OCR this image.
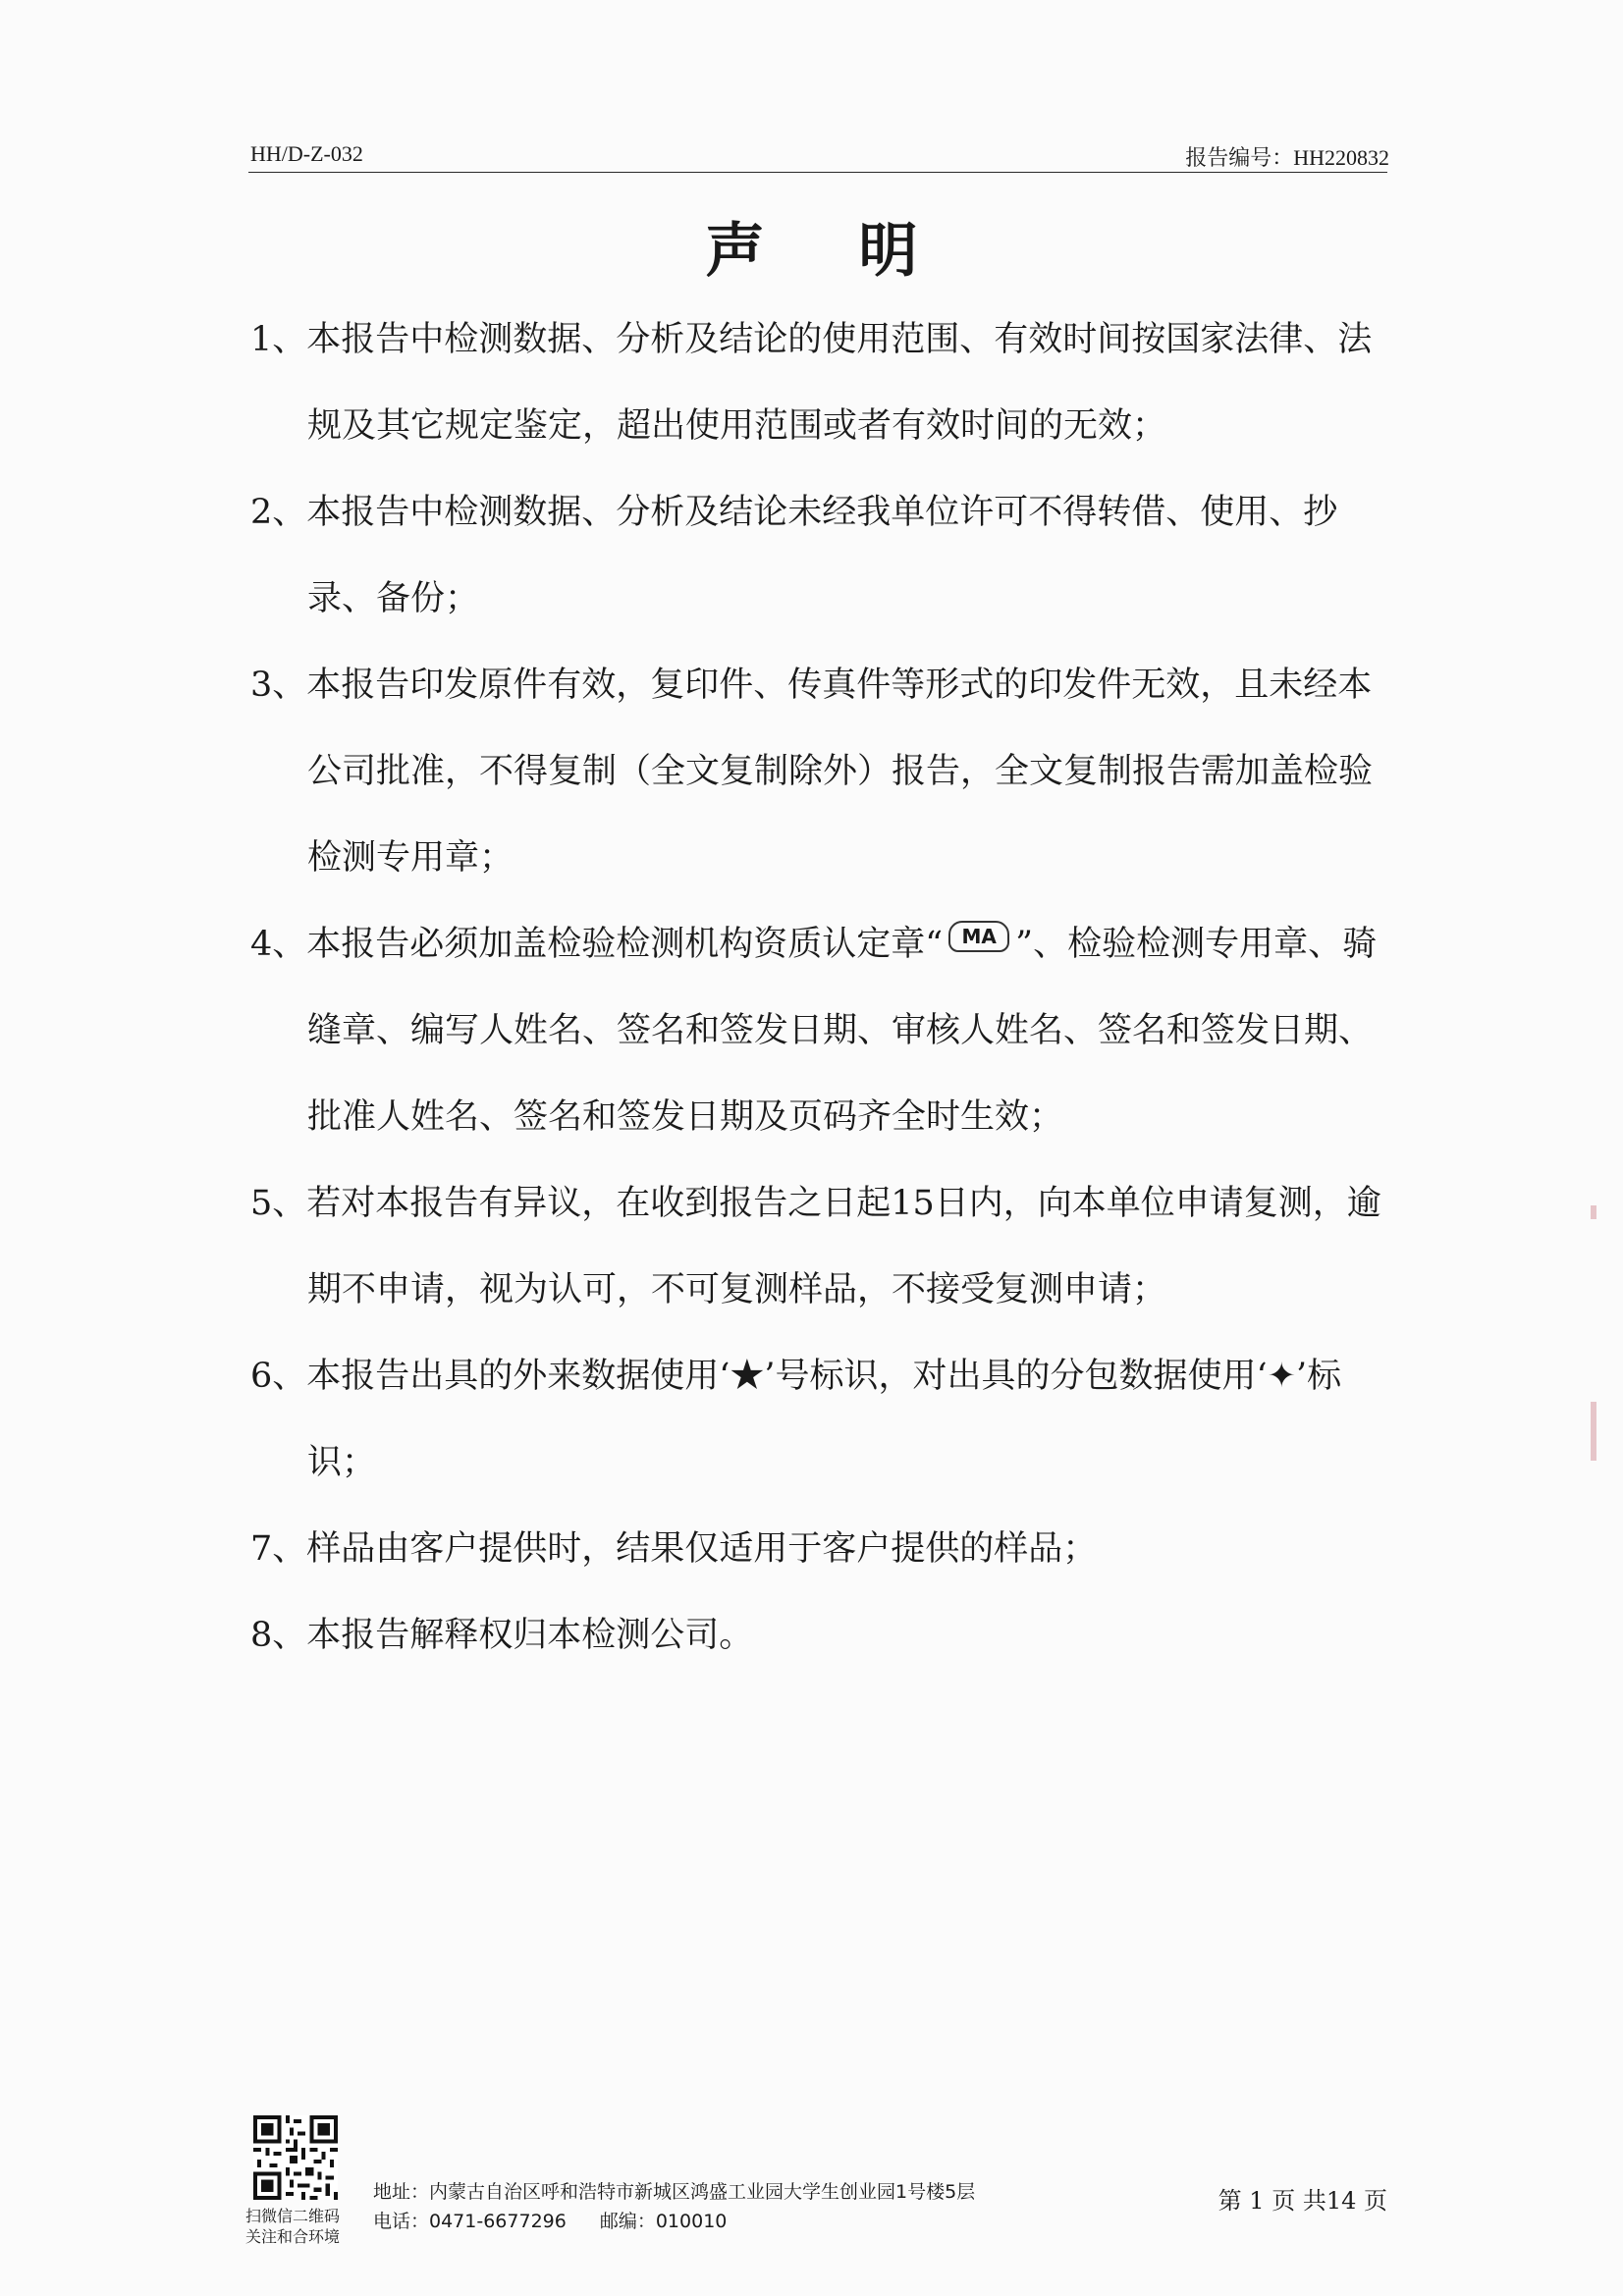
HH/D-Z-032	报告编号：HH220832
声明
1、本报告中检测数据、分析及结论的使用范围、有效时间按国家法律、法规及其它规定鉴定，超出使用范围或者有效时间的无效；
2、本报告中检测数据、分析及结论未经我单位许可不得转借、使用、抄录、备份；
3、本报告印发原件有效，复印件、传真件等形式的印发件无效，且未经本公司批准，不得复制（全文复制除外）报告，全文复制报告需加盖检验检测专用章；
4、本报告必须加盖检验检测机构资质认定章“ MA ”、检验检测专用章、骑缝章、编写人姓名、签名和签发日期、审核人姓名、签名和签发日期、批准人姓名、签名和签发日期及页码齐全时生效；
5、若对本报告有异议，在收到报告之日起15日内，向本单位申请复测，逾期不申请，视为认可，不可复测样品，不接受复测申请；
6、本报告出具的外来数据使用‘★’号标识，对出具的分包数据使用‘✦’标识；
7、样品由客户提供时，结果仅适用于客户提供的样品；
8、本报告解释权归本检测公司。
扫微信二维码
关注和合环境
地址：内蒙古自治区呼和浩特市新城区鸿盛工业园大学生创业园1号楼5层
电话：0471-6677296 邮编：010010
第 1 页 共14 页
